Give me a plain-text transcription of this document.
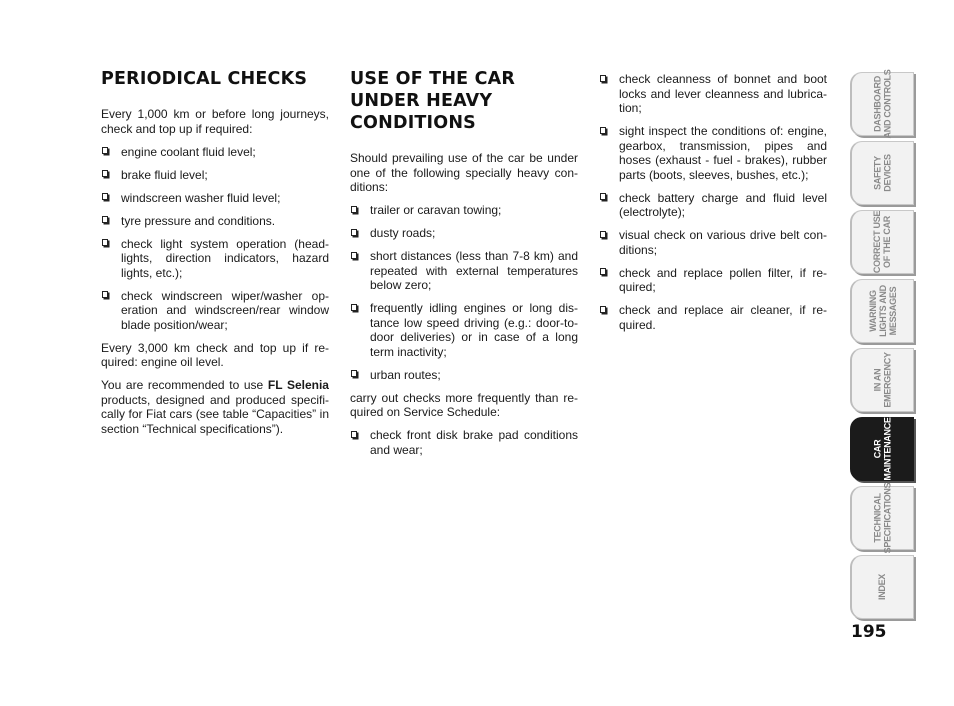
PERIODICAL CHECKS

Every 1,000 km or before long journeys, check and top up if required:

engine coolant fluid level;
brake fluid level;
windscreen washer fluid level;
tyre pressure and conditions.
check light system operation (head-lights, direction indicators, hazard lights, etc.);
check windscreen wiper/washer op-eration and windscreen/rear window blade position/wear;

Every 3,000 km check and top up if re-quired: engine oil level.

You are recommended to use FL Selenia products, designed and produced specifi-cally for Fiat cars (see table “Capacities” in section “Technical specifications”).

USE OF THE CAR UNDER HEAVY CONDITIONS

Should prevailing use of the car be under one of the following specially heavy con-ditions:

trailer or caravan towing;
dusty roads;
short distances (less than 7-8 km) and repeated with external temperatures below zero;
frequently idling engines or long dis-tance low speed driving (e.g.: door-to-door deliveries) or in case of a long term inactivity;
urban routes;

carry out checks more frequently than re-quired on Service Schedule:

check front disk brake pad conditions and wear;
check cleanness of bonnet and boot locks and lever cleanness and lubrica-tion;
sight inspect the conditions of: engine, gearbox, transmission, pipes and hoses (exhaust - fuel - brakes), rubber parts (boots, sleeves, bushes, etc.);
check battery charge and fluid level (electrolyte);
visual check on various drive belt con-ditions;
check and replace pollen filter, if re-quired;
check and replace air cleaner, if re-quired.
DASHBOARD
AND CONTROLS
SAFETY
DEVICES
CORRECT USE
OF THE CAR
WARNING
LIGHTS AND
MESSAGES
IN AN
EMERGENCY
CAR
MAINTENANCE
TECHNICAL
SPECIFICATIONS
INDEX
195
